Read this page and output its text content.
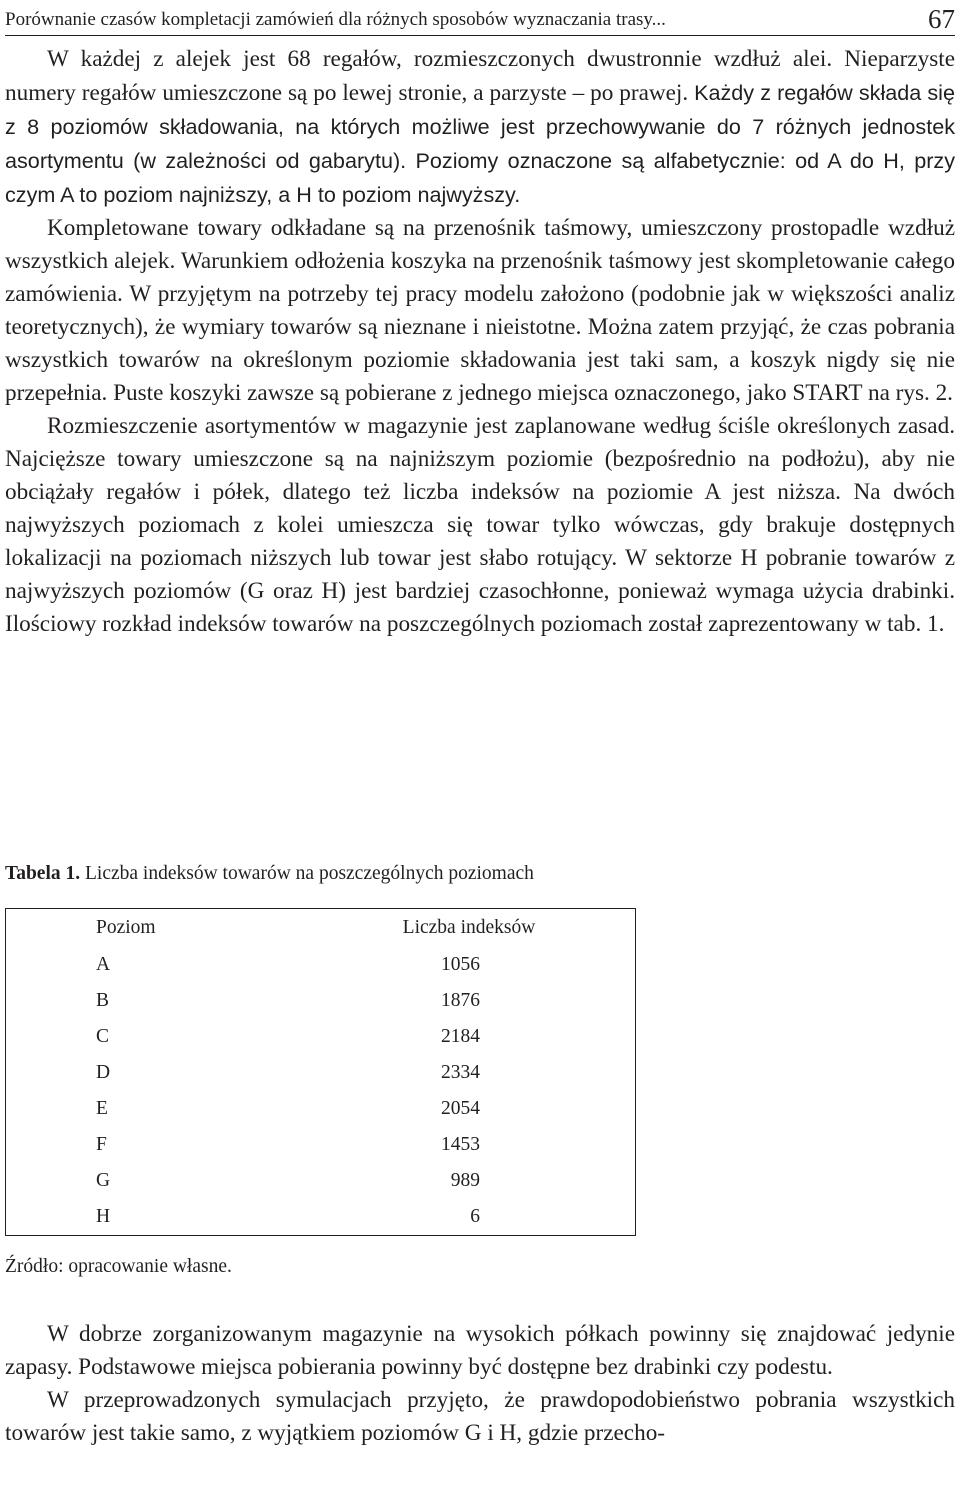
Porównanie czasów kompletacji zamówień dla różnych sposobów wyznaczania trasy...	67

W każdej z alejek jest 68 regałów, rozmieszczonych dwustronnie wzdłuż alei. Nieparzyste numery regałów umieszczone są po lewej stronie, a parzyste – po prawej. Każdy z regałów składa się z 8 poziomów składowania, na których możliwe jest przechowywanie do 7 różnych jednostek asortymentu (w zależności od gabarytu). Poziomy oznaczone są alfabetycznie: od A do H, przy czym A to poziom najniższy, a H to poziom najwyższy.

Kompletowane towary odkładane są na przenośnik taśmowy, umieszczony prostopadle wzdłuż wszystkich alejek. Warunkiem odłożenia koszyka na przenośnik taśmowy jest skompletowanie całego zamówienia. W przyjętym na potrzeby tej pracy modelu założono (podobnie jak w większości analiz teoretycznych), że wymiary towarów są nieznane i nieistotne. Można zatem przyjąć, że czas pobrania wszystkich towarów na określonym poziomie składowania jest taki sam, a koszyk nigdy się nie przepełnia. Puste koszyki zawsze są pobierane z jednego miejsca oznaczonego, jako START na rys. 2.

Rozmieszczenie asortymentów w magazynie jest zaplanowane według ściśle określonych zasad. Najcięższe towary umieszczone są na najniższym poziomie (bezpośrednio na podłożu), aby nie obciążały regałów i półek, dlatego też liczba indeksów na poziomie A jest niższa. Na dwóch najwyższych poziomach z kolei umieszcza się towar tylko wówczas, gdy brakuje dostępnych lokalizacji na poziomach niższych lub towar jest słabo rotujący. W sektorze H pobranie towarów z najwyższych poziomów (G oraz H) jest bardziej czasochłonne, ponieważ wymaga użycia drabinki. Ilościowy rozkład indeksów towarów na poszczególnych poziomach został zaprezentowany w tab. 1.

Tabela 1. Liczba indeksów towarów na poszczególnych poziomach
Poziom	Liczba indeksów
A	1056
B	1876
C	2184
D	2334
E	2054
F	1453
G	989
H	6
Źródło: opracowanie własne.

W dobrze zorganizowanym magazynie na wysokich półkach powinny się znajdować jedynie zapasy. Podstawowe miejsca pobierania powinny być dostępne bez drabinki czy podestu.

W przeprowadzonych symulacjach przyjęto, że prawdopodobieństwo pobrania wszystkich towarów jest takie samo, z wyjątkiem poziomów G i H, gdzie przecho-
